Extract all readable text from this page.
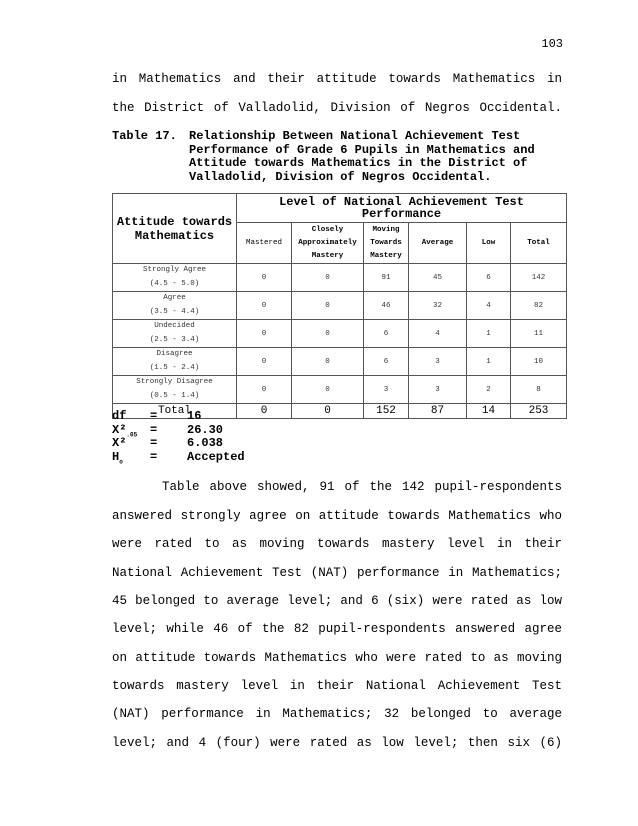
103
in Mathematics and their attitude towards Mathematics in
the District of Valladolid, Division of Negros Occidental.
Table 17. Relationship Between National Achievement Test
Performance of Grade 6 Pupils in Mathematics and
Attitude towards Mathematics in the District of
Valladolid, Division of Negros Occidental.
Attitude towards Mathematics	Level of National Achievement Test Performance					
	Mastered	Closely Approximately Mastery	Moving Towards Mastery	Average	Low	Total

Strongly Agree
(4.5 - 5.0)	0	0	91	45	6	142

Agree
(3.5 - 4.4)	0	0	46	32	4	82

Undecided
(2.5 - 3.4)	0	0	6	4	1	11

Disagree
(1.5 - 2.4)	0	0	6	3	1	10

Strongly Disagree
(0.5 - 1.4)	0	0	3	3	2	8
Total	0	0	152	87	14	253
df = 16
$X^2_{.05} = 26.30$
X² = 6.038
$H_o$ = Accepted
Table above showed, 91 of the 142 pupil-respondents
answered strongly agree on attitude towards Mathematics who
were rated to as moving towards mastery level in their
National Achievement Test (NAT) performance in Mathematics;
45 belonged to average level; and 6 (six) were rated as low
level; while 46 of the 82 pupil-respondents answered agree
on attitude towards Mathematics who were rated to as moving
towards mastery level in their National Achievement Test
(NAT) performance in Mathematics; 32 belonged to average
level; and 4 (four) were rated as low level; then six (6)
